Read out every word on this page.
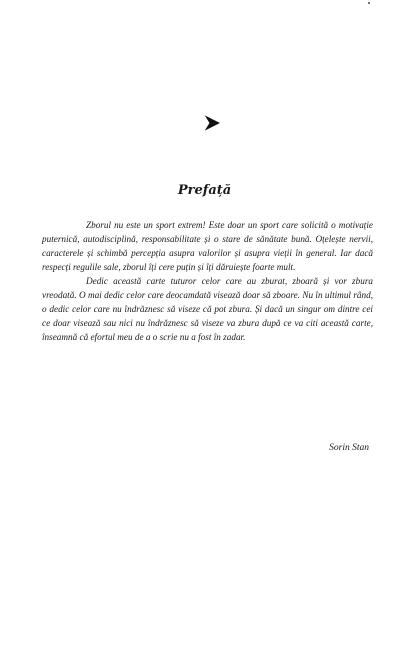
Prefață

Zborul nu este un sport extrem! Este doar un sport care solicită o motivație puternică, autodisciplină, responsabilitate și o stare de sănătate bună. Oțelește nervii, caracterele și schimbă percepția asupra valorilor și asupra vieții în general. Iar dacă respecți regulile sale, zborul îți cere puțin și îți dăruiește foarte mult.

Dedic această carte tuturor celor care au zburat, zboară și vor zbura vreodată. O mai dedic celor care deocamdată visează doar să zboare. Nu în ultimul rând, o dedic celor care nu îndrăznesc să viseze că pot zbura. Și dacă un singur om dintre cei ce doar visează sau nici nu îndrăznesc să viseze va zbura după ce va citi această carte, înseamnă că efortul meu de a o scrie nu a fost în zadar.

Sorin Stan
